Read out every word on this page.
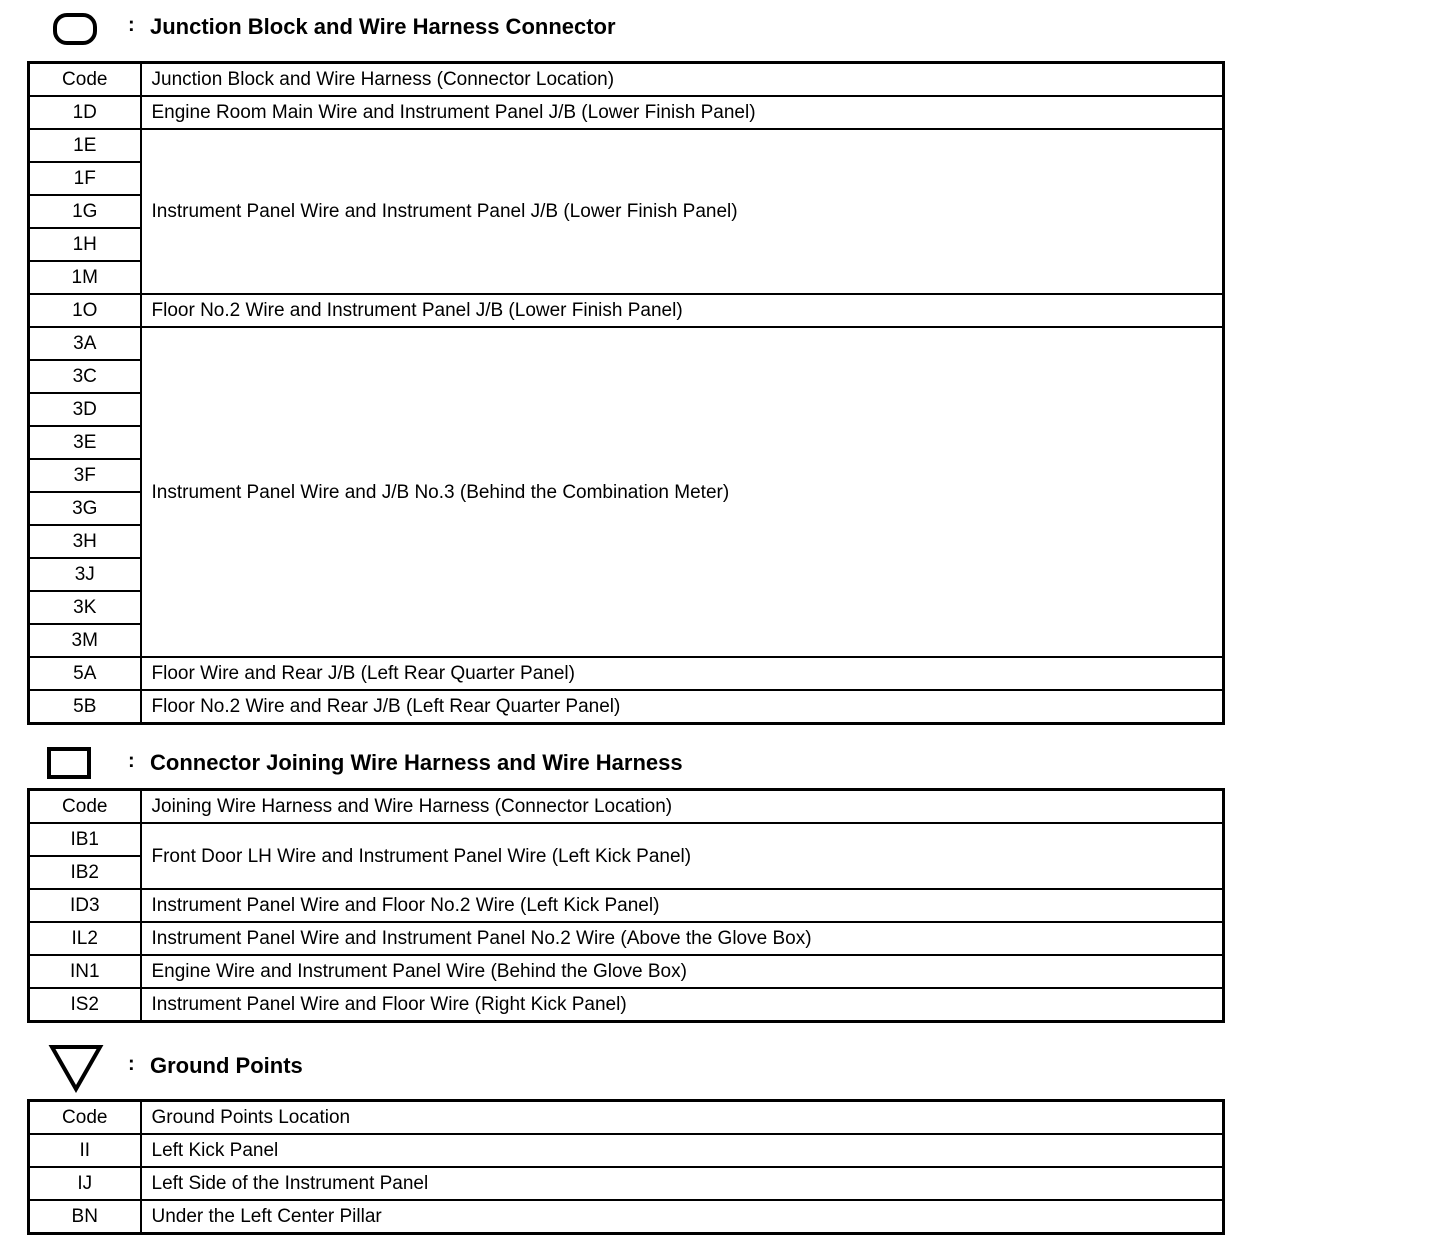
: Junction Block and Wire Harness Connector
Code	Junction Block and Wire Harness (Connector Location)
1D	Engine Room Main Wire and Instrument Panel J/B (Lower Finish Panel)
1E	Instrument Panel Wire and Instrument Panel J/B (Lower Finish Panel)
1F	
1G	
1H	
1M	
1O	Floor No.2 Wire and Instrument Panel J/B (Lower Finish Panel)
3A	Instrument Panel Wire and J/B No.3 (Behind the Combination Meter)
3C	
3D	
3E	
3F	
3G	
3H	
3J	
3K	
3M	
5A	Floor Wire and Rear J/B (Left Rear Quarter Panel)
5B	Floor No.2 Wire and Rear J/B (Left Rear Quarter Panel)
: Connector Joining Wire Harness and Wire Harness
Code	Joining Wire Harness and Wire Harness (Connector Location)
IB1	Front Door LH Wire and Instrument Panel Wire (Left Kick Panel)
IB2	
ID3	Instrument Panel Wire and Floor No.2 Wire (Left Kick Panel)
IL2	Instrument Panel Wire and Instrument Panel No.2 Wire (Above the Glove Box)
IN1	Engine Wire and Instrument Panel Wire (Behind the Glove Box)
IS2	Instrument Panel Wire and Floor Wire (Right Kick Panel)
: Ground Points
Code	Ground Points Location
II	Left Kick Panel
IJ	Left Side of the Instrument Panel
BN	Under the Left Center Pillar
